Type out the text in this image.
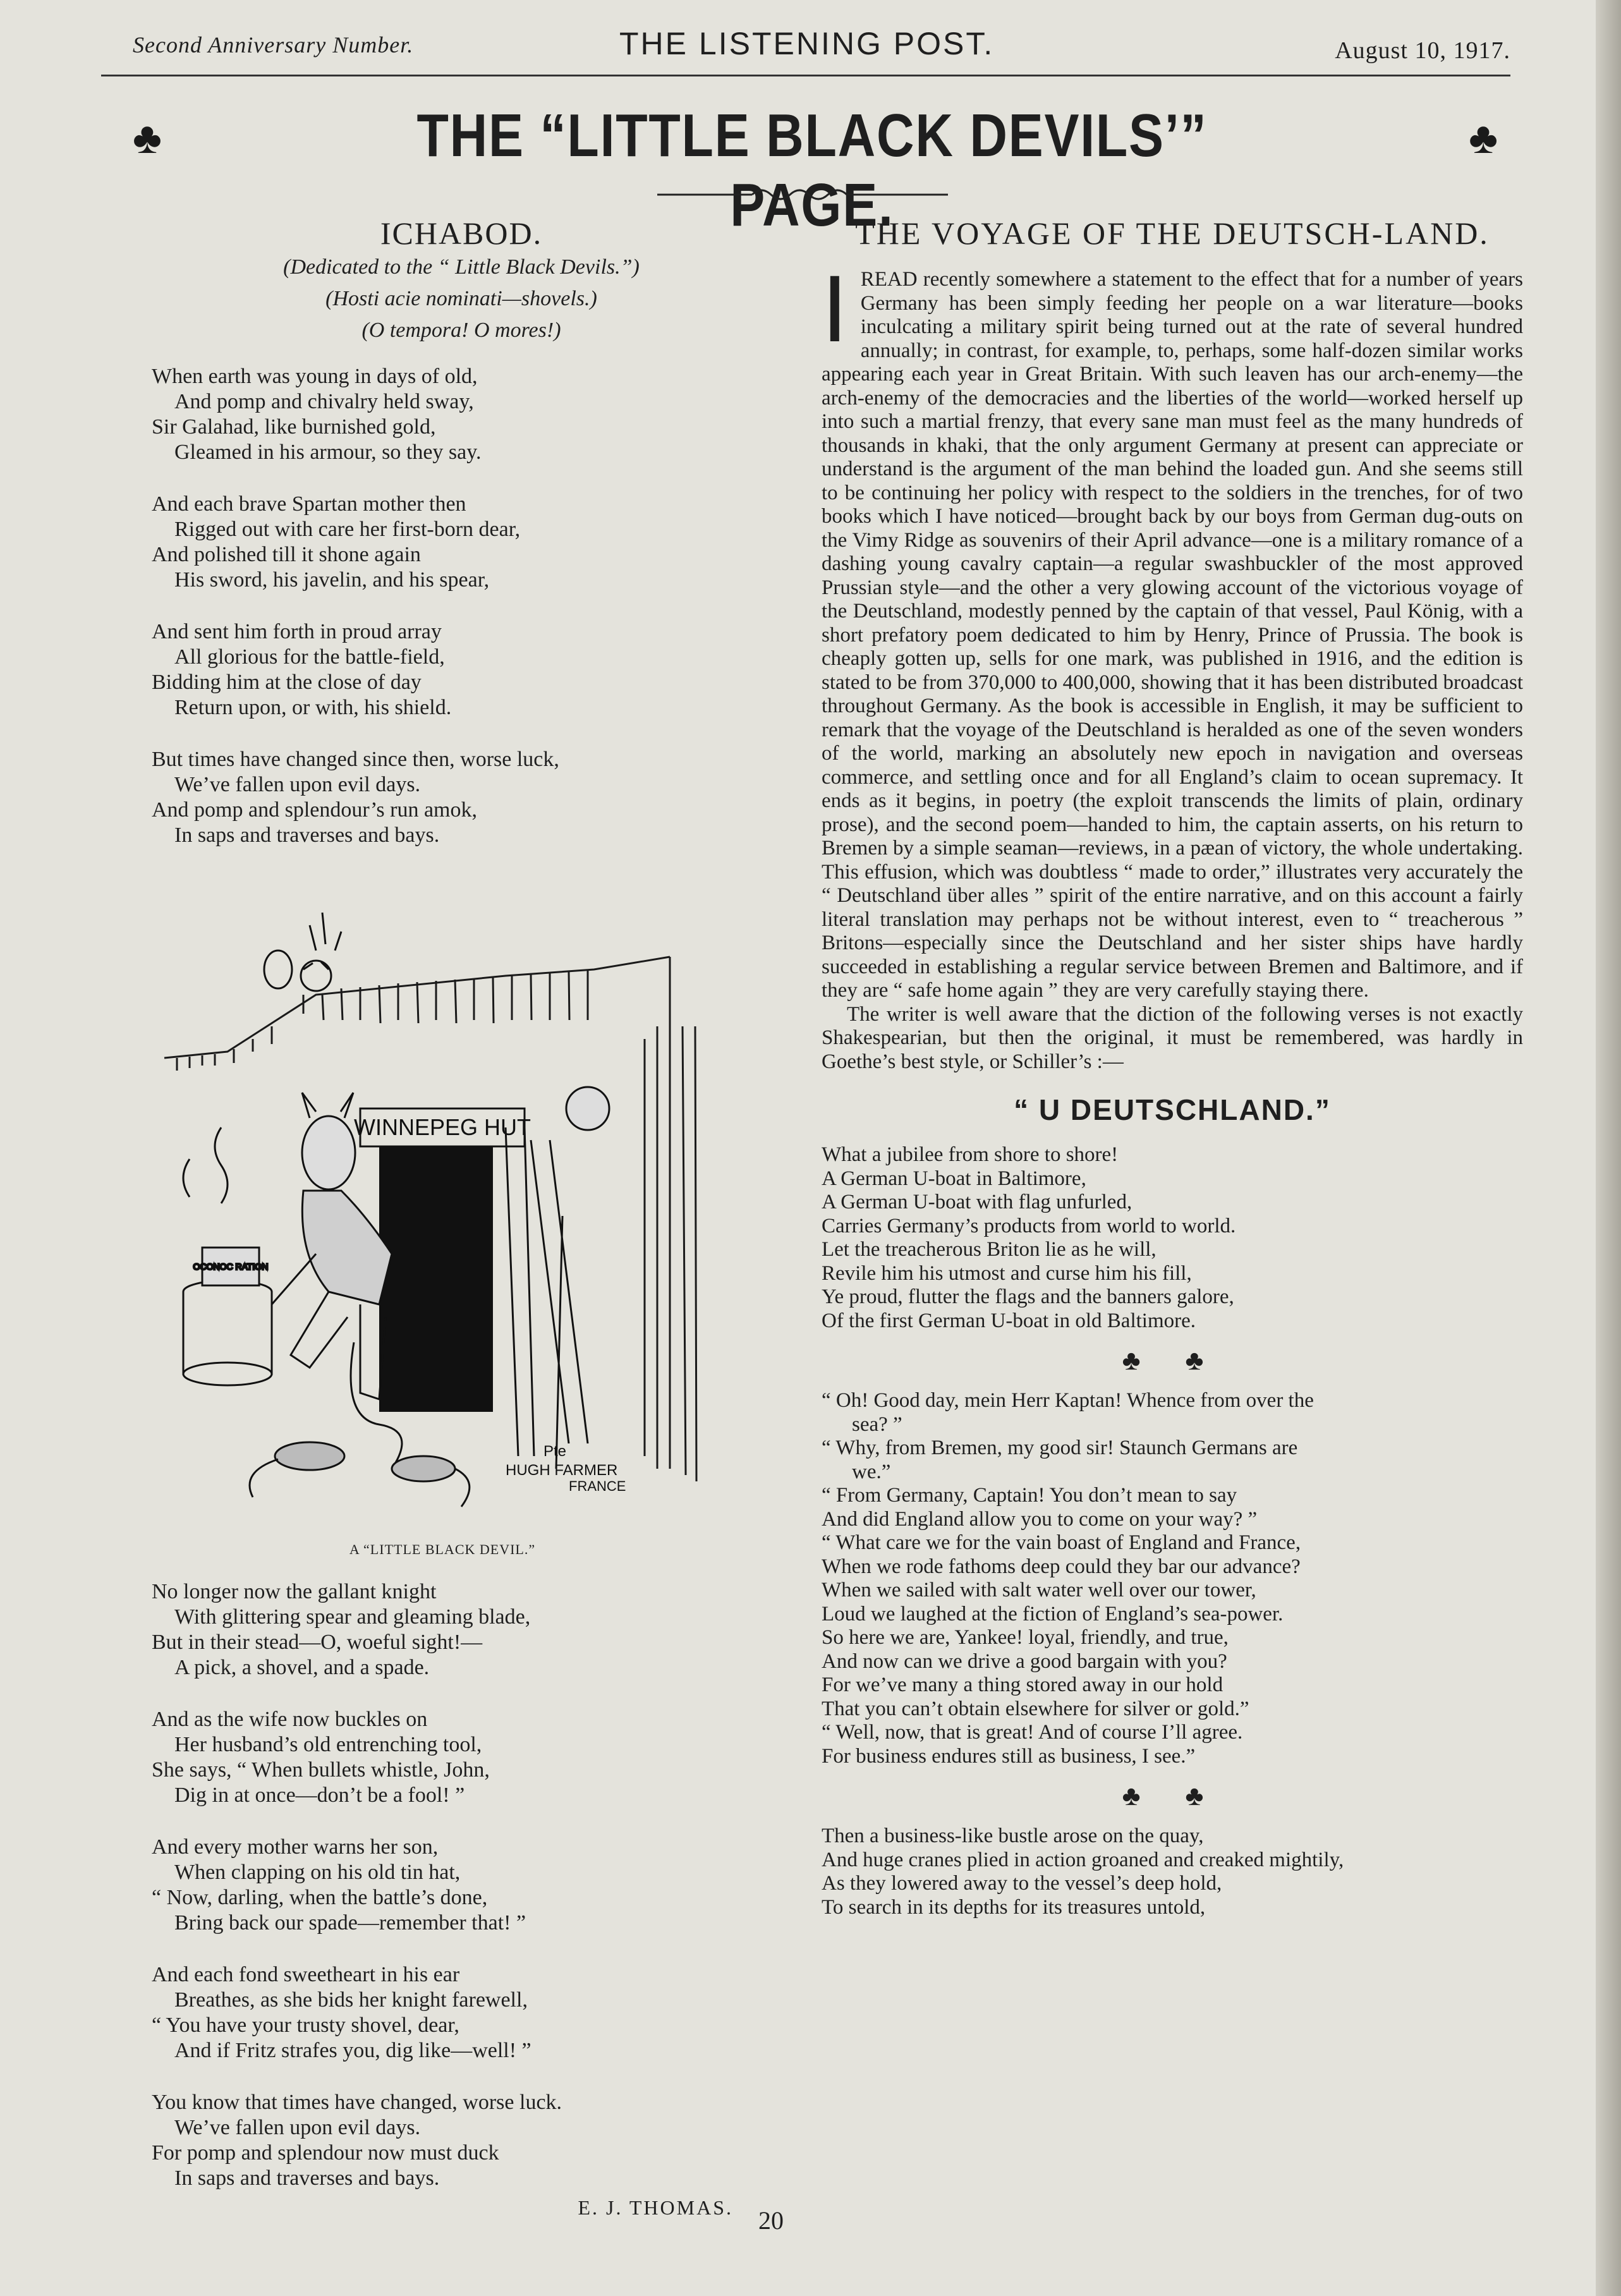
Second Anniversary Number.	THE LISTENING POST.	August 10, 1917.
♣	THE “LITTLE BLACK DEVILS’” PAGE.
♣
ICHABOD.
(Dedicated to the “ Little Black Devils.”)
(Hosti acie nominati—shovels.)
(O tempora! O mores!)
When earth was young in days of old,
And pomp and chivalry held sway,
Sir Galahad, like burnished gold,
Gleamed in his armour, so they say.
And each brave Spartan mother then
Rigged out with care her first-born dear,
And polished till it shone again
His sword, his javelin, and his spear,
And sent him forth in proud array
All glorious for the battle-field,
Bidding him at the close of day
Return upon, or with, his shield.
But times have changed since then, worse luck,
We’ve fallen upon evil days.
And pomp and splendour’s run amok,
In saps and traverses and bays.
WINNEPEG HUT
OCONOC RATION
Pte
HUGH FARMER
FRANCE
A “LITTLE BLACK DEVIL.”
No longer now the gallant knight
With glittering spear and gleaming blade,
But in their stead—O, woeful sight!—
A pick, a shovel, and a spade.
And as the wife now buckles on
Her husband’s old entrenching tool,
She says, “ When bullets whistle, John,
Dig in at once—don’t be a fool! ”
And every mother warns her son,
When clapping on his old tin hat,
“ Now, darling, when the battle’s done,
Bring back our spade—remember that! ”
And each fond sweetheart in his ear
Breathes, as she bids her knight farewell,
“ You have your trusty shovel, dear,
And if Fritz strafes you, dig like—well! ”
You know that times have changed, worse luck.
We’ve fallen upon evil days.
For pomp and splendour now must duck
In saps and traverses and bays.
E. J. THOMAS.
THE VOYAGE OF THE DEUTSCH-LAND.

IREAD recently somewhere a statement to the effect that for a number of years Germany has been simply feeding her people on a war literature—books inculcating a military spirit being turned out at the rate of several hundred annually; in contrast, for example, to, perhaps, some half-dozen similar works appearing each year in Great Britain. With such leaven has our arch-enemy—the arch-enemy of the democracies and the liberties of the world—worked herself up into such a martial frenzy, that every sane man must feel as the many hundreds of thousands in khaki, that the only argument Germany at present can appreciate or understand is the argument of the man behind the loaded gun. And she seems still to be continuing her policy with respect to the soldiers in the trenches, for of two books which I have noticed—brought back by our boys from German dug-outs on the Vimy Ridge as souvenirs of their April advance—one is a military romance of a dashing young cavalry captain—a regular swashbuckler of the most approved Prussian style—and the other a very glowing account of the victorious voyage of the Deutschland, modestly penned by the captain of that vessel, Paul König, with a short prefatory poem dedicated to him by Henry, Prince of Prussia. The book is cheaply gotten up, sells for one mark, was published in 1916, and the edition is stated to be from 370,000 to 400,000, showing that it has been distributed broadcast throughout Germany. As the book is accessible in English, it may be sufficient to remark that the voyage of the Deutschland is heralded as one of the seven wonders of the world, marking an absolutely new epoch in navigation and overseas commerce, and settling once and for all England’s claim to ocean supremacy. It ends as it begins, in poetry (the exploit transcends the limits of plain, ordinary prose), and the second poem—handed to him, the captain asserts, on his return to Bremen by a simple seaman—reviews, in a pæan of victory, the whole undertaking. This effusion, which was doubtless “ made to order,” illustrates very accurately the “ Deutschland über alles ” spirit of the entire narrative, and on this account a fairly literal translation may perhaps not be without interest, even to “ treacherous ” Britons—especially since the Deutschland and her sister ships have hardly succeeded in establishing a regular service between Bremen and Baltimore, and if they are “ safe home again ” they are very carefully staying there.

The writer is well aware that the diction of the following verses is not exactly Shakespearian, but then the original, it must be remembered, was hardly in Goethe’s best style, or Schiller’s :—

“ U DEUTSCHLAND.”
What a jubilee from shore to shore!
A German U-boat in Baltimore,
A German U-boat with flag unfurled,
Carries Germany’s products from world to world.
Let the treacherous Briton lie as he will,
Revile him his utmost and curse him his fill,
Ye proud, flutter the flags and the banners galore,
Of the first German U-boat in old Baltimore.
♣ ♣
“ Oh! Good day, mein Herr Kaptan! Whence from over the
sea? ”
“ Why, from Bremen, my good sir! Staunch Germans are
we.”
“ From Germany, Captain! You don’t mean to say
And did England allow you to come on your way? ”
“ What care we for the vain boast of England and France,
When we rode fathoms deep could they bar our advance?
When we sailed with salt water well over our tower,
Loud we laughed at the fiction of England’s sea-power.
So here we are, Yankee! loyal, friendly, and true,
And now can we drive a good bargain with you?
For we’ve many a thing stored away in our hold
That you can’t obtain elsewhere for silver or gold.”
“ Well, now, that is great! And of course I’ll agree.
For business endures still as business, I see.”
♣ ♣
Then a business-like bustle arose on the quay,
And huge cranes plied in action groaned and creaked mightily,
As they lowered away to the vessel’s deep hold,
To search in its depths for its treasures untold,
20
